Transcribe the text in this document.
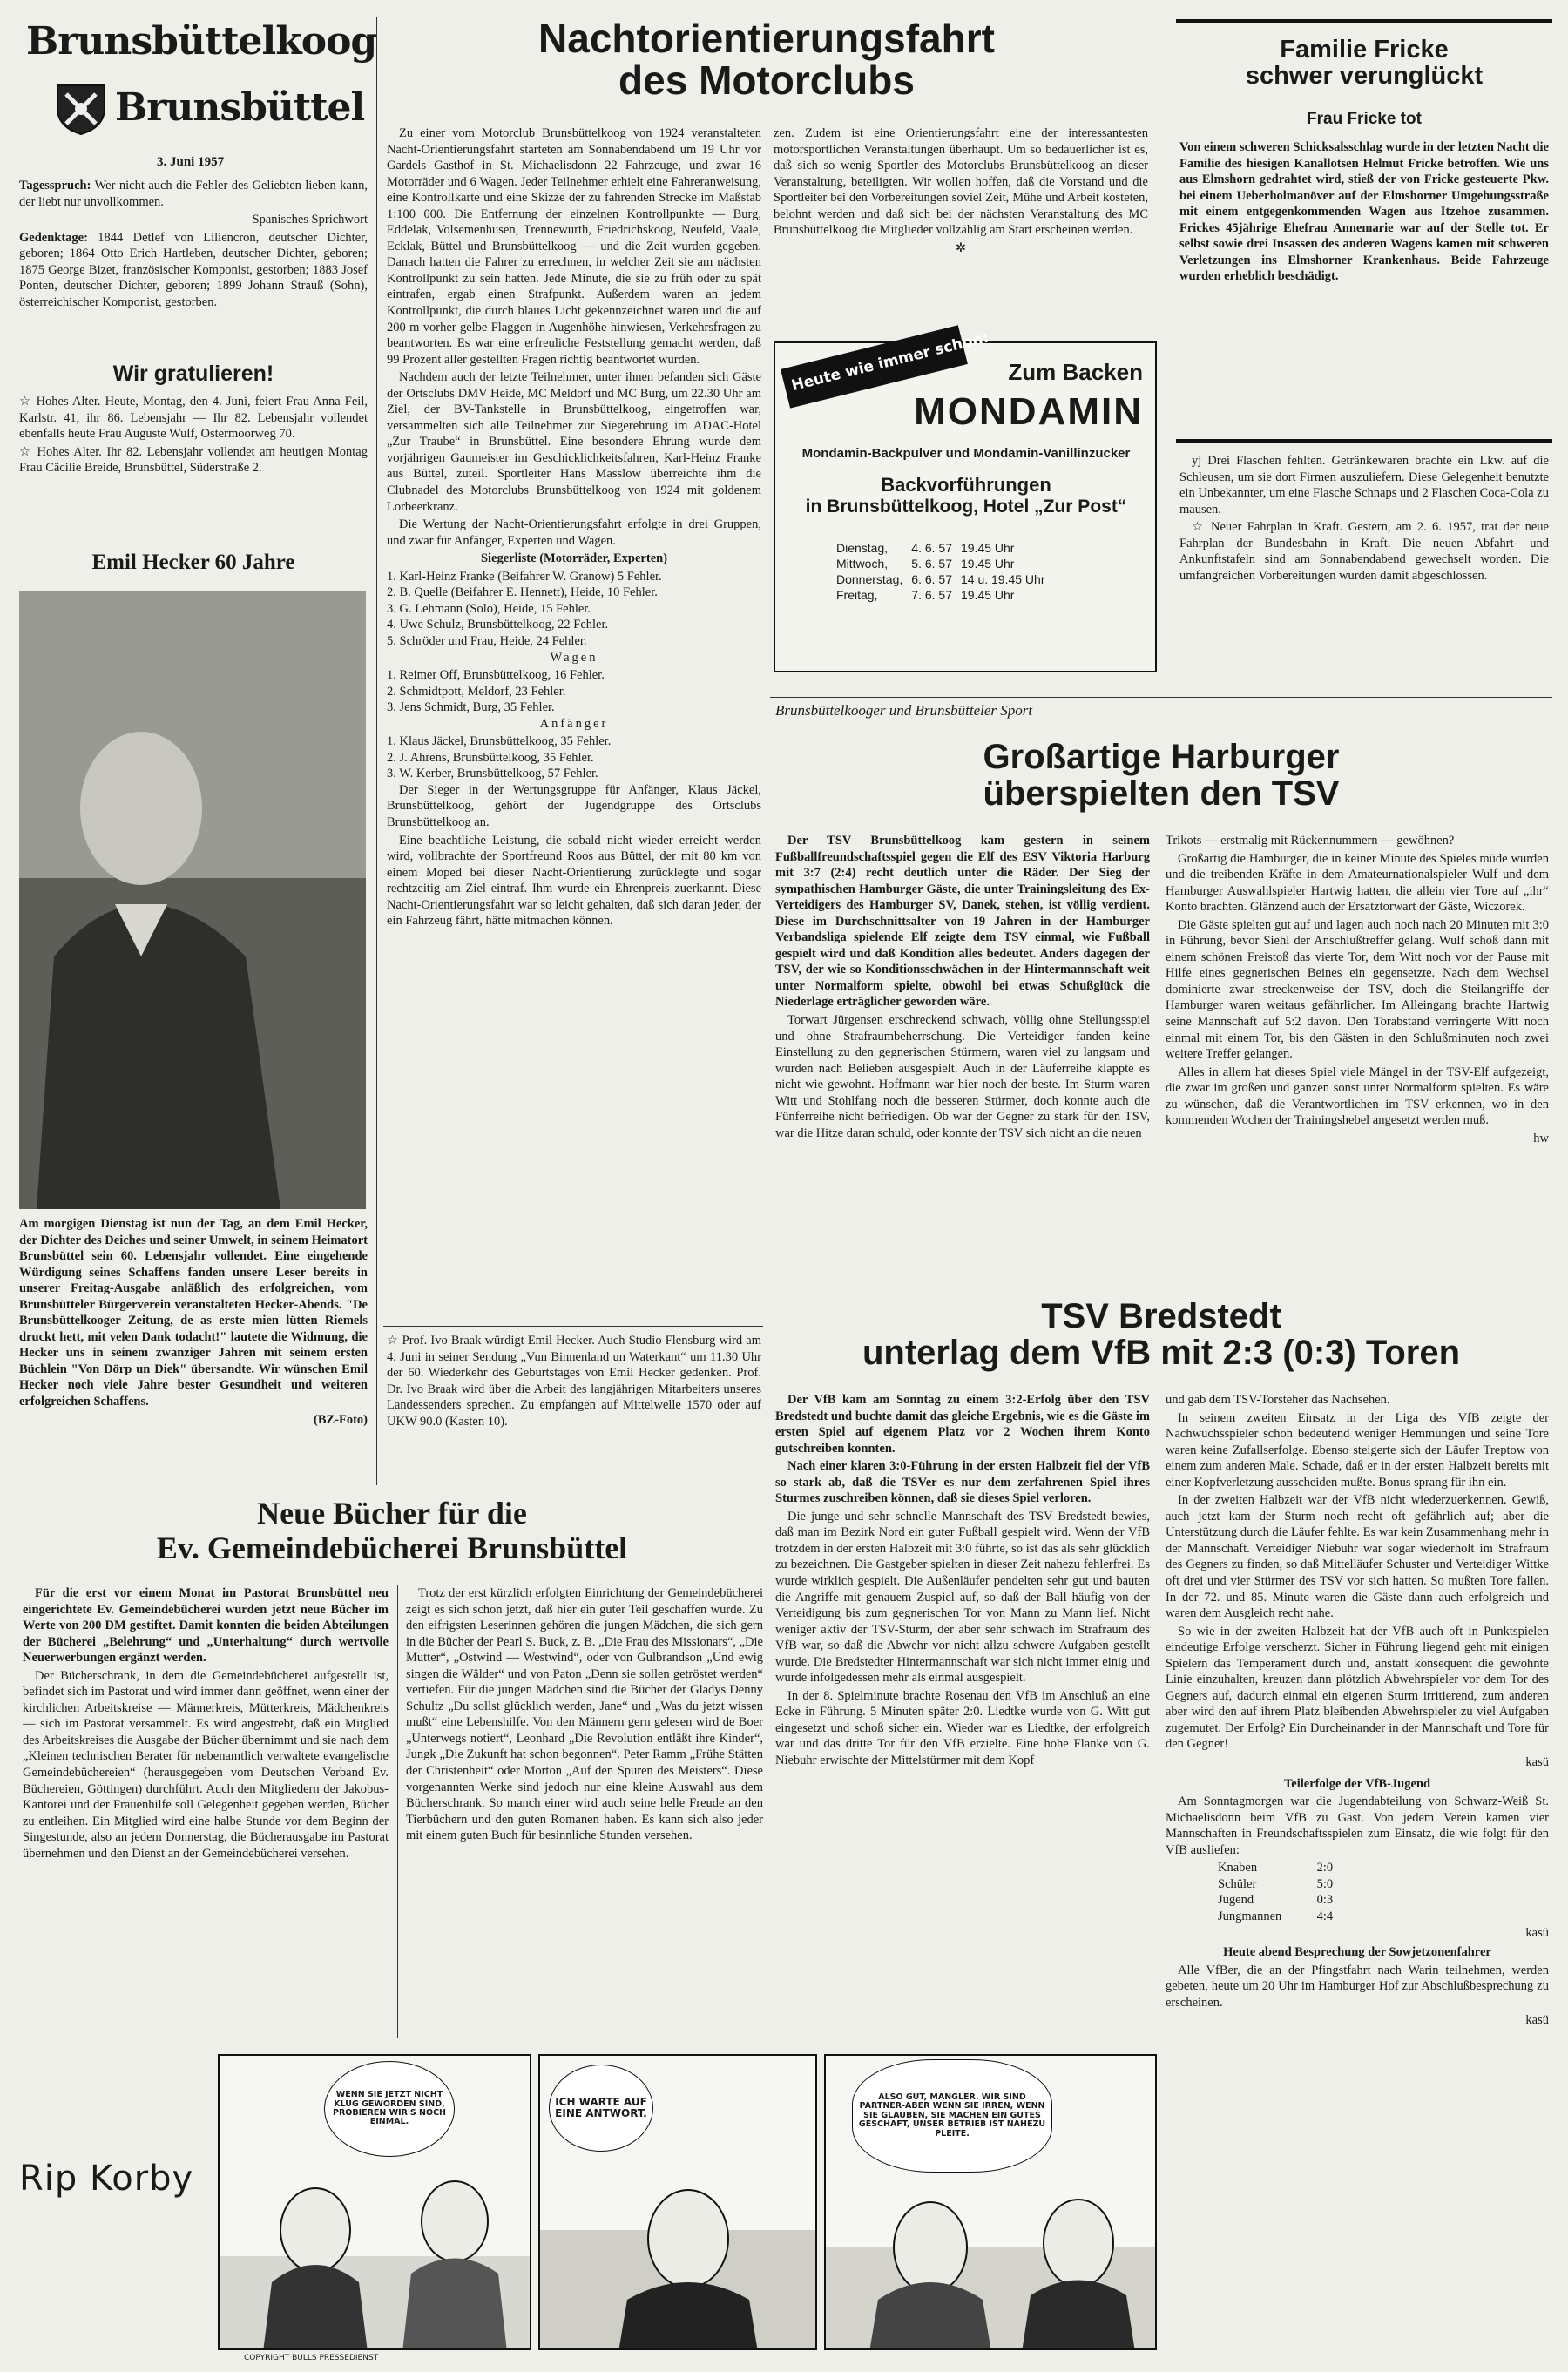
Brunsbüttelkoog
Brunsbüttel
3. Juni 1957

Tagesspruch: Wer nicht auch die Fehler des Geliebten lieben kann, der liebt nur unvollkommen.

Spanisches Sprichwort

Gedenktage: 1844 Detlef von Liliencron, deutscher Dichter, geboren; 1864 Otto Erich Hartleben, deutscher Dichter, geboren; 1875 George Bizet, französischer Komponist, gestorben; 1883 Josef Ponten, deutscher Dichter, geboren; 1899 Johann Strauß (Sohn), österreichischer Komponist, gestorben.

Wir gratulieren!

☆ Hohes Alter. Heute, Montag, den 4. Juni, feiert Frau Anna Feil, Karlstr. 41, ihr 86. Lebensjahr — Ihr 82. Lebensjahr vollendet ebenfalls heute Frau Auguste Wulf, Ostermoorweg 70.

☆ Hohes Alter. Ihr 82. Lebensjahr vollendet am heutigen Montag Frau Cäcilie Breide, Brunsbüttel, Süderstraße 2.

Emil Hecker 60 Jahre

Am morgigen Dienstag ist nun der Tag, an dem Emil Hecker, der Dichter des Deiches und seiner Umwelt, in seinem Heimatort Brunsbüttel sein 60. Lebensjahr vollendet. Eine eingehende Würdigung seines Schaffens fanden unsere Leser bereits in unserer Freitag-Ausgabe anläßlich des erfolgreichen, vom Brunsbütteler Bürgerverein veranstalteten Hecker-Abends. "De Brunsbüttelkooger Zeitung, de as erste mien lütten Riemels druckt hett, mit velen Dank todacht!" lautete die Widmung, die Hecker uns in seinem zwanziger Jahren mit seinem ersten Büchlein "Von Dörp un Diek" übersandte. Wir wünschen Emil Hecker noch viele Jahre bester Gesundheit und weiteren erfolgreichen Schaffens.

(BZ-Foto)

Nachtorientierungsfahrt
des Motorclubs

Zu einer vom Motorclub Brunsbüttelkoog von 1924 veranstalteten Nacht-Orientierungsfahrt starteten am Sonnabendabend um 19 Uhr vor Gardels Gasthof in St. Michaelisdonn 22 Fahrzeuge, und zwar 16 Motorräder und 6 Wagen. Jeder Teilnehmer erhielt eine Fahreranweisung, eine Kontrollkarte und eine Skizze der zu fahrenden Strecke im Maßstab 1:100 000. Die Entfernung der einzelnen Kontrollpunkte — Burg, Eddelak, Volsemenhusen, Trennewurth, Friedrichskoog, Neufeld, Vaale, Ecklak, Büttel und Brunsbüttelkoog — und die Zeit wurden gegeben. Danach hatten die Fahrer zu errechnen, in welcher Zeit sie am nächsten Kontrollpunkt zu sein hatten. Jede Minute, die sie zu früh oder zu spät eintrafen, ergab einen Strafpunkt. Außerdem waren an jedem Kontrollpunkt, die durch blaues Licht gekennzeichnet waren und die auf 200 m vorher gelbe Flaggen in Augenhöhe hinwiesen, Verkehrsfragen zu beantworten. Es war eine erfreuliche Feststellung gemacht werden, daß 99 Prozent aller gestellten Fragen richtig beantwortet wurden.

Nachdem auch der letzte Teilnehmer, unter ihnen befanden sich Gäste der Ortsclubs DMV Heide, MC Meldorf und MC Burg, um 22.30 Uhr am Ziel, der BV-Tankstelle in Brunsbüttelkoog, eingetroffen war, versammelten sich alle Teilnehmer zur Siegerehrung im ADAC-Hotel „Zur Traube“ in Brunsbüttel. Eine besondere Ehrung wurde dem vorjährigen Gaumeister im Geschicklichkeitsfahren, Karl-Heinz Franke aus Büttel, zuteil. Sportleiter Hans Masslow überreichte ihm die Clubnadel des Motorclubs Brunsbüttelkoog von 1924 mit goldenem Lorbeerkranz.

Die Wertung der Nacht-Orientierungsfahrt erfolgte in drei Gruppen, und zwar für Anfänger, Experten und Wagen.

Siegerliste (Motorräder, Experten)

1. Karl-Heinz Franke (Beifahrer W. Granow) 5 Fehler.

2. B. Quelle (Beifahrer E. Hennett), Heide, 10 Fehler.

3. G. Lehmann (Solo), Heide, 15 Fehler.

4. Uwe Schulz, Brunsbüttelkoog, 22 Fehler.

5. Schröder und Frau, Heide, 24 Fehler.

Wagen

1. Reimer Off, Brunsbüttelkoog, 16 Fehler.

2. Schmidtpott, Meldorf, 23 Fehler.

3. Jens Schmidt, Burg, 35 Fehler.

Anfänger

1. Klaus Jäckel, Brunsbüttelkoog, 35 Fehler.

2. J. Ahrens, Brunsbüttelkoog, 35 Fehler.

3. W. Kerber, Brunsbüttelkoog, 57 Fehler.

Der Sieger in der Wertungsgruppe für Anfänger, Klaus Jäckel, Brunsbüttelkoog, gehört der Jugendgruppe des Ortsclubs Brunsbüttelkoog an.

Eine beachtliche Leistung, die sobald nicht wieder erreicht werden wird, vollbrachte der Sportfreund Roos aus Büttel, der mit 80 km von einem Moped bei dieser Nacht-Orientierung zurücklegte und sogar rechtzeitig am Ziel eintraf. Ihm wurde ein Ehrenpreis zuerkannt. Diese Nacht-Orientierungsfahrt war so leicht gehalten, daß sich daran jeder, der ein Fahrzeug fährt, hätte mitmachen können.

zen. Zudem ist eine Orientierungsfahrt eine der interessantesten motorsportlichen Veranstaltungen überhaupt. Um so bedauerlicher ist es, daß sich so wenig Sportler des Motorclubs Brunsbüttelkoog an dieser Veranstaltung, beteiligten. Wir wollen hoffen, daß die Vorstand und die Sportleiter bei den Vorbereitungen soviel Zeit, Mühe und Arbeit kosteten, belohnt werden und daß sich bei der nächsten Veranstaltung des MC Brunsbüttelkoog die Mitglieder vollzählig am Start erscheinen werden.

✲

☆ Prof. Ivo Braak würdigt Emil Hecker. Auch Studio Flensburg wird am 4. Juni in seiner Sendung „Vun Binnenland un Waterkant“ um 11.30 Uhr der 60. Wiederkehr des Geburtstages von Emil Hecker gedenken. Prof. Dr. Ivo Braak wird über die Arbeit des langjährigen Mitarbeiters unseres Landessenders sprechen. Zu empfangen auf Mittelwelle 1570 oder auf UKW 90.0 (Kasten 10).

Heute wie immer schon: Zum Backen
MONDAMIN
Mondamin-Backpulver und Mondamin-Vanillinzucker
Backvorführungen
in Brunsbüttelkoog, Hotel „Zur Post“
Dienstag,	4. 6. 57	19.45 Uhr
Mittwoch,	5. 6. 57	19.45 Uhr
Donnerstag,	6. 6. 57	14 u. 19.45 Uhr
Freitag,	7. 6. 57	19.45 Uhr
Familie Fricke
schwer verunglückt
Frau Fricke tot

Von einem schweren Schicksalsschlag wurde in der letzten Nacht die Familie des hiesigen Kanallotsen Helmut Fricke betroffen. Wie uns aus Elmshorn gedrahtet wird, stieß der von Fricke gesteuerte Pkw. bei einem Ueberholmanöver auf der Elmshorner Umgehungsstraße mit einem entgegenkommenden Wagen aus Itzehoe zusammen. Frickes 45jährige Ehefrau Annemarie war auf der Stelle tot. Er selbst sowie drei Insassen des anderen Wagens kamen mit schweren Verletzungen ins Elmshorner Krankenhaus. Beide Fahrzeuge wurden erheblich beschädigt.

yj Drei Flaschen fehlten. Getränkewaren brachte ein Lkw. auf die Schleusen, um sie dort Firmen auszuliefern. Diese Gelegenheit benutzte ein Unbekannter, um eine Flasche Schnaps und 2 Flaschen Coca-Cola zu mausen.

☆ Neuer Fahrplan in Kraft. Gestern, am 2. 6. 1957, trat der neue Fahrplan der Bundesbahn in Kraft. Die neuen Abfahrt- und Ankunftstafeln sind am Sonnabendabend gewechselt worden. Die umfangreichen Vorbereitungen wurden damit abgeschlossen.

Brunsbüttelkooger und Brunsbütteler Sport
Großartige Harburger
überspielten den TSV

Der TSV Brunsbüttelkoog kam gestern in seinem Fußballfreundschaftsspiel gegen die Elf des ESV Viktoria Harburg mit 3:7 (2:4) recht deutlich unter die Räder. Der Sieg der sympathischen Hamburger Gäste, die unter Trainingsleitung des Ex-Verteidigers des Hamburger SV, Danek, stehen, ist völlig verdient. Diese im Durchschnittsalter von 19 Jahren in der Hamburger Verbandsliga spielende Elf zeigte dem TSV einmal, wie Fußball gespielt wird und daß Kondition alles bedeutet. Anders dagegen der TSV, der wie so Konditionsschwächen in der Hintermannschaft weit unter Normalform spielte, obwohl bei etwas Schußglück die Niederlage erträglicher geworden wäre.

Torwart Jürgensen erschreckend schwach, völlig ohne Stellungsspiel und ohne Strafraumbeherrschung. Die Verteidiger fanden keine Einstellung zu den gegnerischen Stürmern, waren viel zu langsam und wurden nach Belieben ausgespielt. Auch in der Läuferreihe klappte es nicht wie gewohnt. Hoffmann war hier noch der beste. Im Sturm waren Witt und Stohlfang noch die besseren Stürmer, doch konnte auch die Fünferreihe nicht befriedigen. Ob war der Gegner zu stark für den TSV, war die Hitze daran schuld, oder konnte der TSV sich nicht an die neuen

Trikots — erstmalig mit Rückennummern — gewöhnen?

Großartig die Hamburger, die in keiner Minute des Spieles müde wurden und die treibenden Kräfte in dem Amateurnationalspieler Wulf und dem Hamburger Auswahlspieler Hartwig hatten, die allein vier Tore auf „ihr“ Konto brachten. Glänzend auch der Ersatztorwart der Gäste, Wiczorek.

Die Gäste spielten gut auf und lagen auch noch nach 20 Minuten mit 3:0 in Führung, bevor Siehl der Anschlußtreffer gelang. Wulf schoß dann mit einem schönen Freistoß das vierte Tor, dem Witt noch vor der Pause mit Hilfe eines gegnerischen Beines ein gegensetzte. Nach dem Wechsel dominierte zwar streckenweise der TSV, doch die Steilangriffe der Hamburger waren weitaus gefährlicher. Im Alleingang brachte Hartwig seine Mannschaft auf 5:2 davon. Den Torabstand verringerte Witt noch einmal mit einem Tor, bis den Gästen in den Schlußminuten noch zwei weitere Treffer gelangen.

Alles in allem hat dieses Spiel viele Mängel in der TSV-Elf aufgezeigt, die zwar im großen und ganzen sonst unter Normalform spielten. Es wäre zu wünschen, daß die Verantwortlichen im TSV erkennen, wo in den kommenden Wochen der Trainingshebel angesetzt werden muß.

hw

TSV Bredstedt
unterlag dem VfB mit 2:3 (0:3) Toren

Der VfB kam am Sonntag zu einem 3:2-Erfolg über den TSV Bredstedt und buchte damit das gleiche Ergebnis, wie es die Gäste im ersten Spiel auf eigenem Platz vor 2 Wochen ihrem Konto gutschreiben konnten.

Nach einer klaren 3:0-Führung in der ersten Halbzeit fiel der VfB so stark ab, daß die TSVer es nur dem zerfahrenen Spiel ihres Sturmes zuschreiben können, daß sie dieses Spiel verloren.

Die junge und sehr schnelle Mannschaft des TSV Bredstedt bewies, daß man im Bezirk Nord ein guter Fußball gespielt wird. Wenn der VfB trotzdem in der ersten Halbzeit mit 3:0 führte, so ist das als sehr glücklich zu bezeichnen. Die Gastgeber spielten in dieser Zeit nahezu fehlerfrei. Es wurde wirklich gespielt. Die Außenläufer pendelten sehr gut und bauten die Angriffe mit genauem Zuspiel auf, so daß der Ball häufig von der Verteidigung bis zum gegnerischen Tor von Mann zu Mann lief. Nicht weniger aktiv der TSV-Sturm, der aber sehr schwach im Strafraum des VfB war, so daß die Abwehr vor nicht allzu schwere Aufgaben gestellt wurde. Die Bredstedter Hintermannschaft war sich nicht immer einig und wurde infolgedessen mehr als einmal ausgespielt.

In der 8. Spielminute brachte Rosenau den VfB im Anschluß an eine Ecke in Führung. 5 Minuten später 2:0. Liedtke wurde von G. Witt gut eingesetzt und schoß sicher ein. Wieder war es Liedtke, der erfolgreich war und das dritte Tor für den VfB erzielte. Eine hohe Flanke von G. Niebuhr erwischte der Mittelstürmer mit dem Kopf

und gab dem TSV-Torsteher das Nachsehen.

In seinem zweiten Einsatz in der Liga des VfB zeigte der Nachwuchsspieler schon bedeutend weniger Hemmungen und seine Tore waren keine Zufallserfolge. Ebenso steigerte sich der Läufer Treptow von einem zum anderen Male. Schade, daß er in der ersten Halbzeit bereits mit einer Kopfverletzung ausscheiden mußte. Bonus sprang für ihn ein.

In der zweiten Halbzeit war der VfB nicht wiederzuerkennen. Gewiß, auch jetzt kam der Sturm noch recht oft gefährlich auf; aber die Unterstützung durch die Läufer fehlte. Es war kein Zusammenhang mehr in der Mannschaft. Verteidiger Niebuhr war sogar wiederholt im Strafraum des Gegners zu finden, so daß Mittelläufer Schuster und Verteidiger Wittke oft drei und vier Stürmer des TSV vor sich hatten. So mußten Tore fallen. In der 72. und 85. Minute waren die Gäste dann auch erfolgreich und waren dem Ausgleich recht nahe.

So wie in der zweiten Halbzeit hat der VfB auch oft in Punktspielen eindeutige Erfolge verscherzt. Sicher in Führung liegend geht mit einigen Spielern das Temperament durch und, anstatt konsequent die gewohnte Linie einzuhalten, kreuzen dann plötzlich Abwehrspieler vor dem Tor des Gegners auf, dadurch einmal ein eigenen Sturm irritierend, zum anderen aber wird den auf ihrem Platz bleibenden Abwehrspieler zu viel Aufgaben zugemutet. Der Erfolg? Ein Durcheinander in der Mannschaft und Tore für den Gegner!

kasü

Teilerfolge der VfB-Jugend

Am Sonntagmorgen war die Jugendabteilung von Schwarz-Weiß St. Michaelisdonn beim VfB zu Gast. Von jedem Verein kamen vier Mannschaften in Freundschaftsspielen zum Einsatz, die wie folgt für den VfB ausliefen:

Knaben	2:0
Schüler	5:0
Jugend	0:3
Jungmannen	4:4

kasü

Heute abend Besprechung der Sowjetzonenfahrer

Alle VfBer, die an der Pfingstfahrt nach Warin teilnehmen, werden gebeten, heute um 20 Uhr im Hamburger Hof zur Abschlußbesprechung zu erscheinen.

kasü

Neue Bücher für die
Ev. Gemeindebücherei Brunsbüttel

Für die erst vor einem Monat im Pastorat Brunsbüttel neu eingerichtete Ev. Gemeindebücherei wurden jetzt neue Bücher im Werte von 200 DM gestiftet. Damit konnten die beiden Abteilungen der Bücherei „Belehrung“ und „Unterhaltung“ durch wertvolle Neuerwerbungen ergänzt werden.

Der Bücherschrank, in dem die Gemeindebücherei aufgestellt ist, befindet sich im Pastorat und wird immer dann geöffnet, wenn einer der kirchlichen Arbeitskreise — Männerkreis, Mütterkreis, Mädchenkreis — sich im Pastorat versammelt. Es wird angestrebt, daß ein Mitglied des Arbeitskreises die Ausgabe der Bücher übernimmt und sie nach dem „Kleinen technischen Berater für nebenamtlich verwaltete evangelische Gemeindebüchereien“ (herausgegeben vom Deutschen Verband Ev. Büchereien, Göttingen) durchführt. Auch den Mitgliedern der Jakobus-Kantorei und der Frauenhilfe soll Gelegenheit gegeben werden, Bücher zu entleihen. Ein Mitglied wird eine halbe Stunde vor dem Beginn der Singestunde, also an jedem Donnerstag, die Bücherausgabe im Pastorat übernehmen und den Dienst an der Gemeindebücherei versehen.

Trotz der erst kürzlich erfolgten Einrichtung der Gemeindebücherei zeigt es sich schon jetzt, daß hier ein guter Teil geschaffen wurde. Zu den eifrigsten Leserinnen gehören die jungen Mädchen, die sich gern in die Bücher der Pearl S. Buck, z. B. „Die Frau des Missionars“, „Die Mutter“, „Ostwind — Westwind“, oder von Gulbrandson „Und ewig singen die Wälder“ und von Paton „Denn sie sollen getröstet werden“ vertiefen. Für die jungen Mädchen sind die Bücher der Gladys Denny Schultz „Du sollst glücklich werden, Jane“ und „Was du jetzt wissen mußt“ eine Lebenshilfe. Von den Männern gern gelesen wird de Boer „Unterwegs notiert“, Leonhard „Die Revolution entläßt ihre Kinder“, Jungk „Die Zukunft hat schon begonnen“. Peter Ramm „Frühe Stätten der Christenheit“ oder Morton „Auf den Spuren des Meisters“. Diese vorgenannten Werke sind jedoch nur eine kleine Auswahl aus dem Bücherschrank. So manch einer wird auch seine helle Freude an den Tierbüchern und den guten Romanen haben. Es kann sich also jeder mit einem guten Buch für besinnliche Stunden versehen.

Rip Korby
WENN SIE JETZT NICHT KLUG GEWORDEN SIND, PROBIEREN WIR'S NOCH EINMAL.
ICH WARTE AUF EINE ANTWORT.
ALSO GUT, MANGLER. WIR SIND PARTNER-ABER WENN SIE IRREN, WENN SIE GLAUBEN, SIE MACHEN EIN GUTES GESCHÄFT, UNSER BETRIEB IST NAHEZU PLEITE.
COPYRIGHT BULLS PRESSEDIENST
